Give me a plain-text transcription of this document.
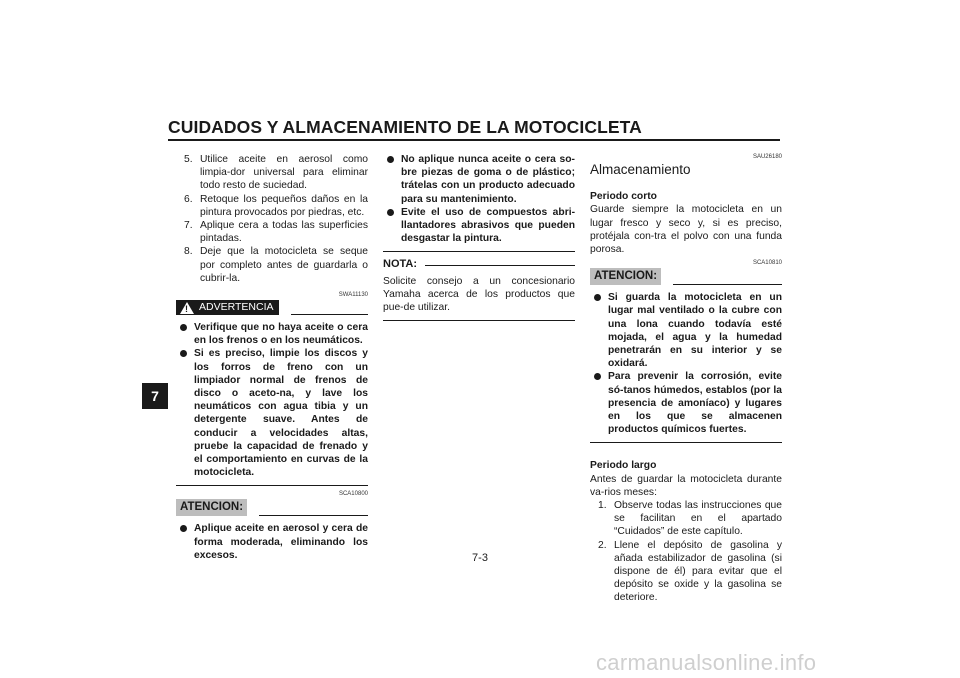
CUIDADOS Y ALMACENAMIENTO DE LA MOTOCICLETA
7
5. Utilice aceite en aerosol como limpia-dor universal para eliminar todo resto de suciedad.
6. Retoque los pequeños daños en la pintura provocados por piedras, etc.
7. Aplique cera a todas las superficies pintadas.
8. Deje que la motocicleta se seque por completo antes de guardarla o cubrir-la.
SWA11130
!
ADVERTENCIA
Verifique que no haya aceite o cera en los frenos o en los neumáticos.
Si es preciso, limpie los discos y los forros de freno con un limpiador normal de frenos de disco o aceto-na, y lave los neumáticos con agua tibia y un detergente suave. Antes de conducir a velocidades altas, pruebe la capacidad de frenado y el comportamiento en curvas de la motocicleta.
SCA10800
ATENCION:
Aplique aceite en aerosol y cera de forma moderada, eliminando los excesos.
No aplique nunca aceite o cera so-bre piezas de goma o de plástico; trátelas con un producto adecuado para su mantenimiento.
Evite el uso de compuestos abri-llantadores abrasivos que pueden desgastar la pintura.
NOTA:
Solicite consejo a un concesionario Yamaha acerca de los productos que pue-de utilizar.
SAU26180
Almacenamiento
Periodo corto
Guarde siempre la motocicleta en un lugar fresco y seco y, si es preciso, protéjala con-tra el polvo con una funda porosa.
SCA10810
ATENCION:
Si guarda la motocicleta en un lugar mal ventilado o la cubre con una lona cuando todavía esté mojada, el agua y la humedad penetrarán en su interior y se oxidará.
Para prevenir la corrosión, evite só-tanos húmedos, establos (por la presencia de amoníaco) y lugares en los que se almacenen productos químicos fuertes.
Periodo largo
Antes de guardar la motocicleta durante va-rios meses:
1. Observe todas las instrucciones que se facilitan en el apartado “Cuidados” de este capítulo.
2. Llene el depósito de gasolina y añada estabilizador de gasolina (si dispone de él) para evitar que el depósito se oxide y la gasolina se deteriore.
7-3
carmanualsonline.info
